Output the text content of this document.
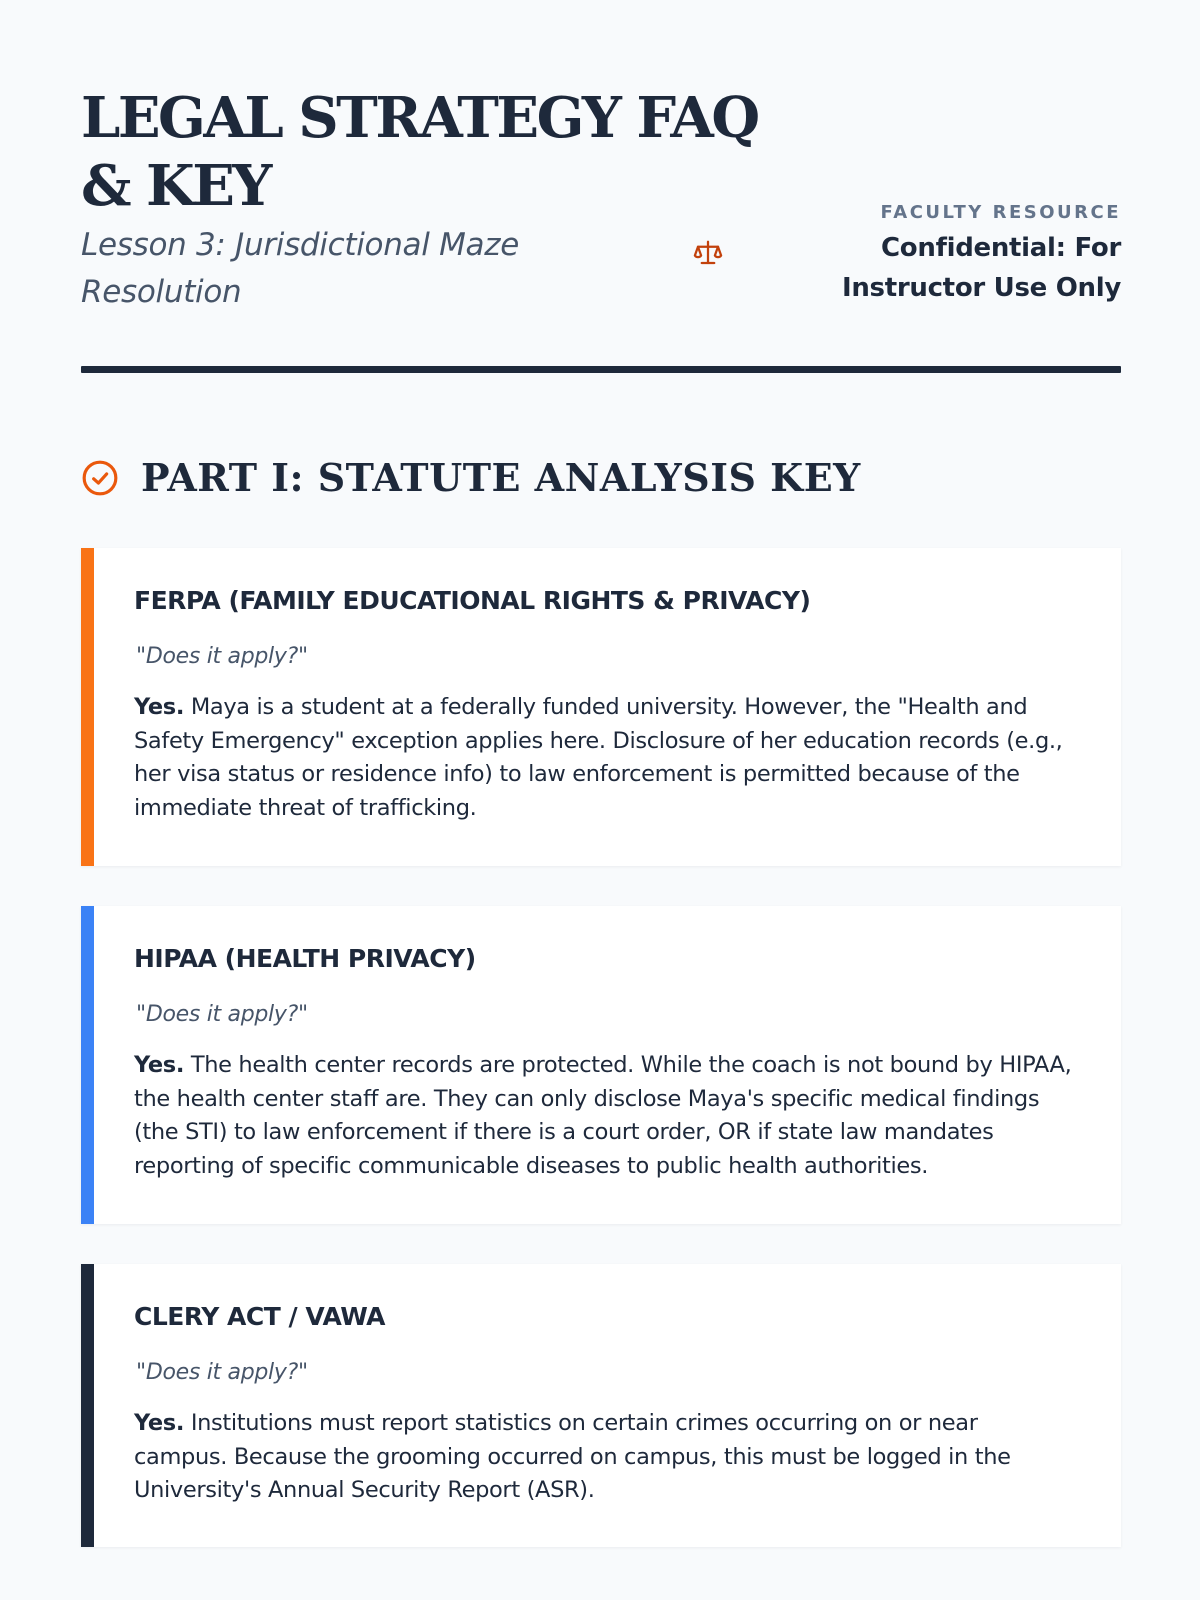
LEGAL STRATEGY FAQ & KEY
Lesson 3: Jurisdictional Maze Resolution
FACULTY RESOURCE
Confidential: For Instructor Use Only
PART I: STATUTE ANALYSIS KEY
FERPA (FAMILY EDUCATIONAL RIGHTS & PRIVACY)
"Does it apply?"

Yes. Maya is a student at a federally funded university. However, the "Health and Safety Emergency" exception applies here. Disclosure of her education records (e.g., her visa status or residence info) to law enforcement is permitted because of the immediate threat of trafficking.

HIPAA (HEALTH PRIVACY)
"Does it apply?"

Yes. The health center records are protected. While the coach is not bound by HIPAA, the health center staff are. They can only disclose Maya's specific medical findings (the STI) to law enforcement if there is a court order, OR if state law mandates reporting of specific communicable diseases to public health authorities.

CLERY ACT / VAWA
"Does it apply?"

Yes. Institutions must report statistics on certain crimes occurring on or near campus. Because the grooming occurred on campus, this must be logged in the University's Annual Security Report (ASR).
